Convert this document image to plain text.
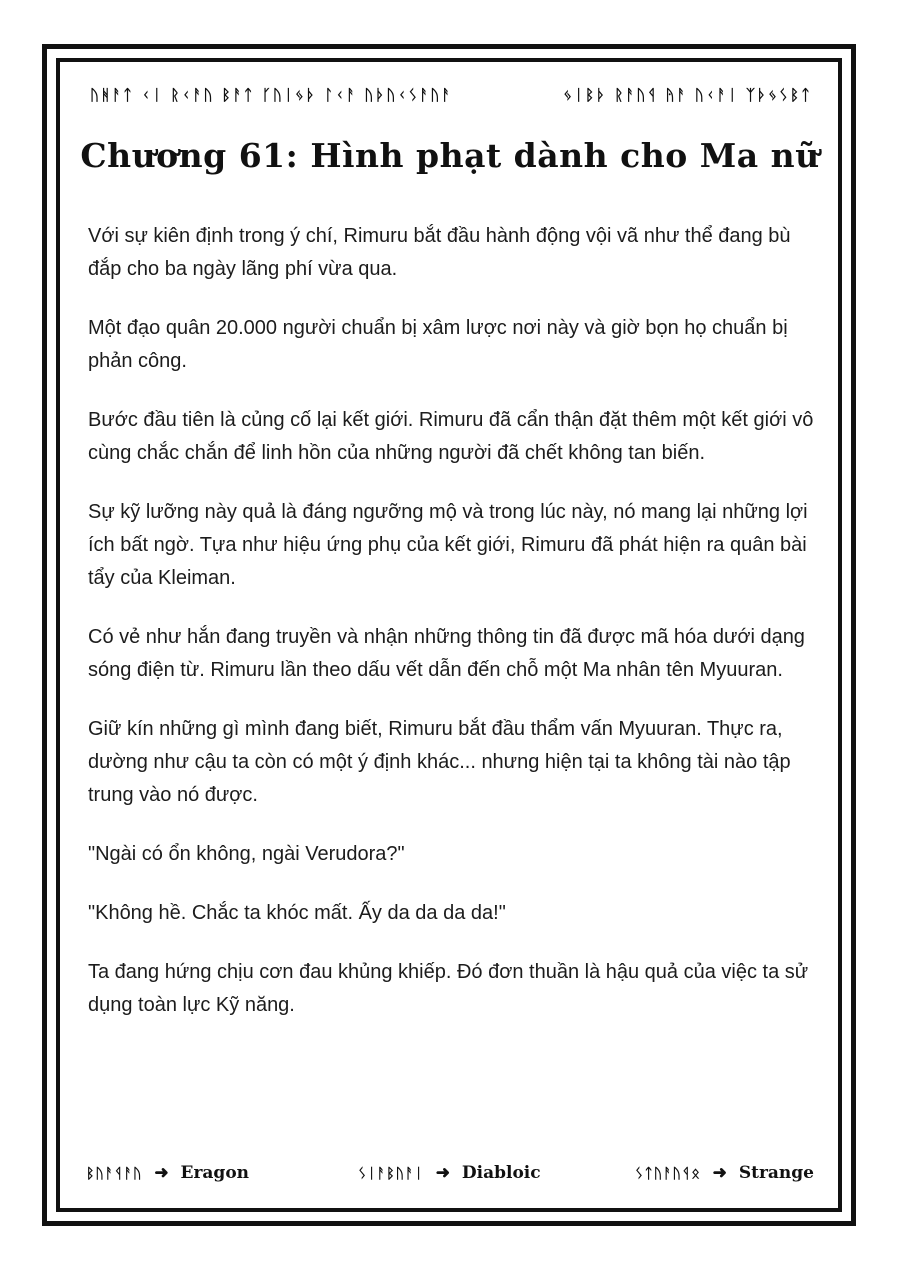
ᚢᚻᚨᛏ ᚲᛁ ᚱᚲᚨᚢ ᛒᚨᛏ ᚴᚢᛁᛃᚦ ᛚᚲᚨ ᚢᚦᚢᚲᛊᚨᚢᚨ	ᛃᛁᛒᚦ ᚱᚨᚢᛩ ᚤᚨ ᚢᚲᚨᛁ ᛉᚦᛃᛊᛒᛏ
Chương 61: Hình phạt dành cho Ma nữ

Với sự kiên định trong ý chí, Rimuru bắt đầu hành động vội vã như thể đang bù đắp cho ba ngày lãng phí vừa qua.

Một đạo quân 20.000 người chuẩn bị xâm lược nơi này và giờ bọn họ chuẩn bị phản công.

Bước đầu tiên là củng cố lại kết giới. Rimuru đã cẩn thận đặt thêm một kết giới vô cùng chắc chắn để linh hồn của những người đã chết không tan biến.

Sự kỹ lưỡng này quả là đáng ngưỡng mộ và trong lúc này, nó mang lại những lợi ích bất ngờ. Tựa như hiệu ứng phụ của kết giới, Rimuru đã phát hiện ra quân bài tẩy của Kleiman.

Có vẻ như hắn đang truyền và nhận những thông tin đã được mã hóa dưới dạng sóng điện từ. Rimuru lần theo dấu vết dẫn đến chỗ một Ma nhân tên Myuuran.

Giữ kín những gì mình đang biết, Rimuru bắt đầu thẩm vấn Myuuran. Thực ra, dường như cậu ta còn có một ý định khác... nhưng hiện tại ta không tài nào tập trung vào nó được.

"Ngài có ổn không, ngài Verudora?"

"Không hề. Chắc ta khóc mất. Ấy da da da da!"

Ta đang hứng chịu cơn đau khủng khiếp. Đó đơn thuần là hậu quả của việc ta sử dụng toàn lực Kỹ năng.

ᛒᚢᚨᛩᚨᚢ ➜ Eragon	ᛊᛁᚨᛒᚢᚨᛁ ➜ Diabloic	ᛊᛏᚢᚨᚢᛩᛟ ➜ Strange
